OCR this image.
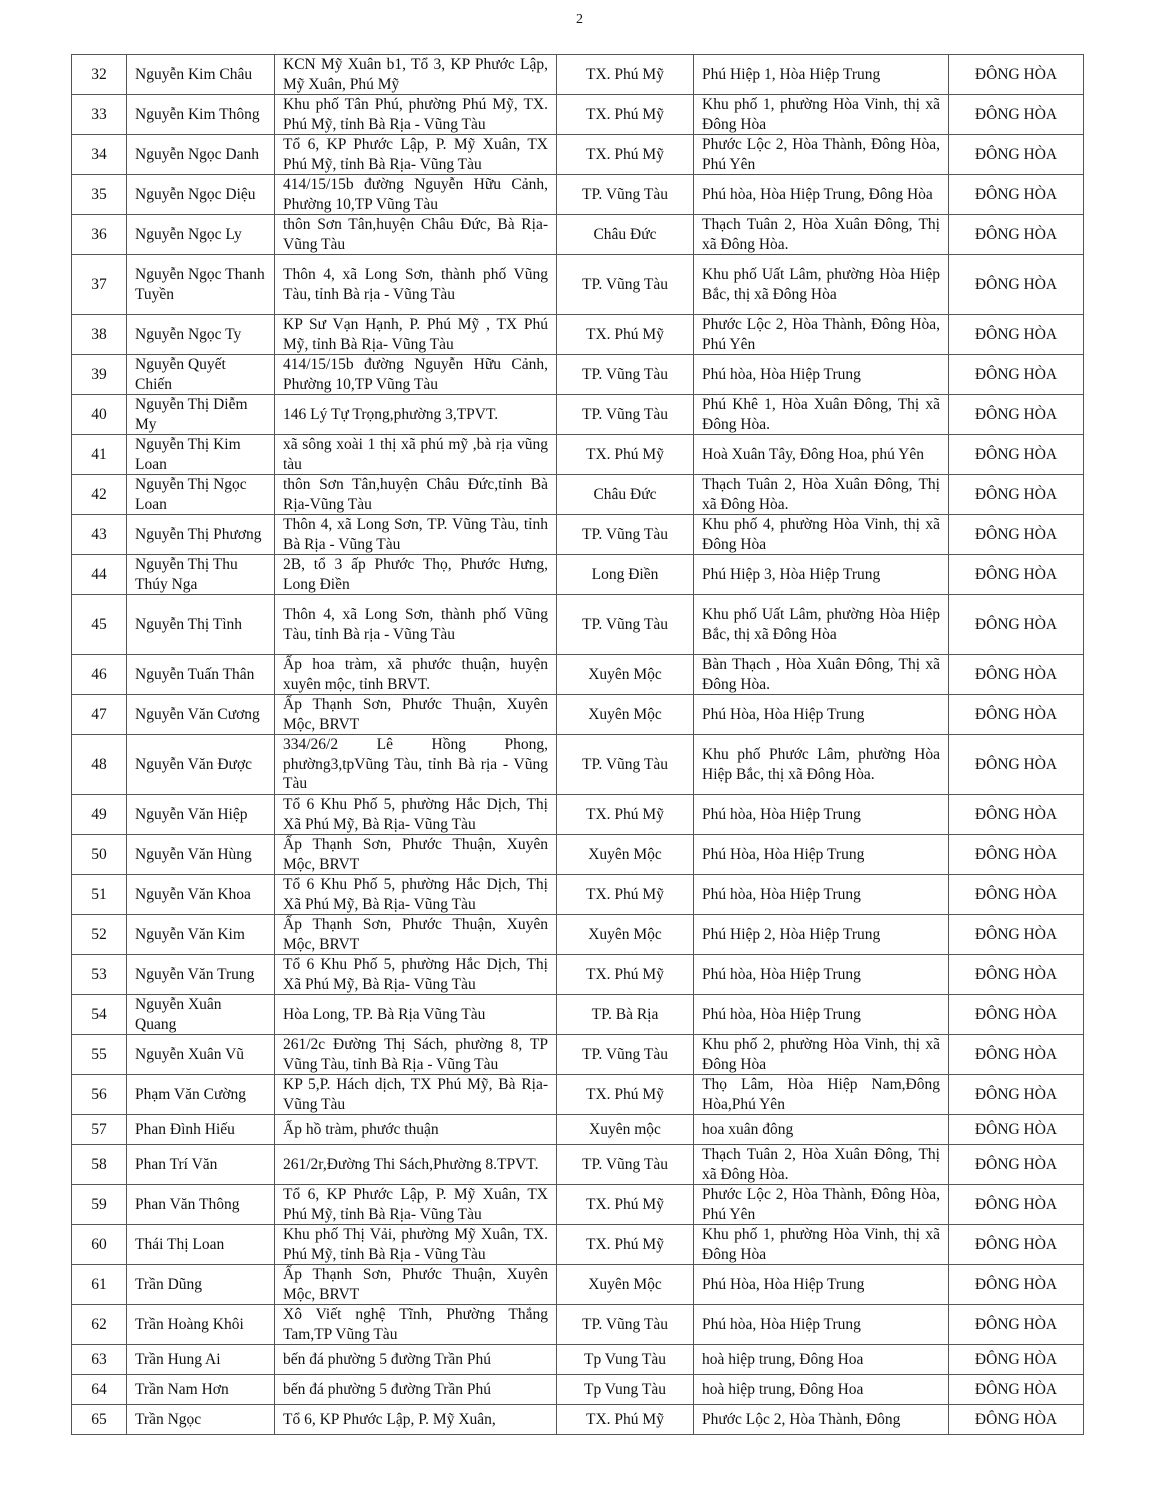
2
32	Nguyễn Kim Châu	KCN Mỹ Xuân b1, Tổ 3, KP Phước Lập, Mỹ Xuân, Phú Mỹ	TX. Phú Mỹ	Phú Hiệp 1, Hòa Hiệp Trung	ĐÔNG HÒA
33	Nguyễn Kim Thông	Khu phố Tân Phú, phường Phú Mỹ, TX. Phú Mỹ, tỉnh Bà Rịa - Vũng Tàu	TX. Phú Mỹ	Khu phố 1, phường Hòa Vinh, thị xã Đông Hòa	ĐÔNG HÒA
34	Nguyễn Ngọc Danh	Tổ 6, KP Phước Lập, P. Mỹ Xuân, TX Phú Mỹ, tỉnh Bà Rịa- Vũng Tàu	TX. Phú Mỹ	Phước Lộc 2, Hòa Thành, Đông Hòa, Phú Yên	ĐÔNG HÒA
35	Nguyễn Ngọc Diệu	414/15/15b đường Nguyễn Hữu Cảnh, Phường 10,TP Vũng Tàu	TP. Vũng Tàu	Phú hòa, Hòa Hiệp Trung, Đông Hòa	ĐÔNG HÒA
36	Nguyễn Ngọc Ly	thôn Sơn Tân,huyện Châu Đức, Bà Rịa-Vũng Tàu	Châu Đức	Thạch Tuân 2, Hòa Xuân Đông, Thị xã Đông Hòa.	ĐÔNG HÒA
37	Nguyễn Ngọc Thanh Tuyền	Thôn 4, xã Long Sơn, thành phố Vũng Tàu, tỉnh Bà rịa - Vũng Tàu	TP. Vũng Tàu	Khu phố Uất Lâm, phường Hòa Hiệp Bắc, thị xã Đông Hòa	ĐÔNG HÒA
38	Nguyễn Ngọc Ty	KP Sư Vạn Hạnh, P. Phú Mỹ , TX Phú Mỹ, tỉnh Bà Rịa- Vũng Tàu	TX. Phú Mỹ	Phước Lộc 2, Hòa Thành, Đông Hòa, Phú Yên	ĐÔNG HÒA
39	Nguyễn Quyết Chiến	414/15/15b đường Nguyễn Hữu Cảnh, Phường 10,TP Vũng Tàu	TP. Vũng Tàu	Phú hòa, Hòa Hiệp Trung	ĐÔNG HÒA
40	Nguyễn Thị Diễm My	146 Lý Tự Trọng,phường 3,TPVT.	TP. Vũng Tàu	Phú Khê 1, Hòa Xuân Đông, Thị xã Đông Hòa.	ĐÔNG HÒA
41	Nguyễn Thị Kim Loan	xã sông xoài 1 thị xã phú mỹ ,bà rịa vũng tàu	TX. Phú Mỹ	Hoà Xuân Tây, Đông Hoa, phú Yên	ĐÔNG HÒA
42	Nguyễn Thị Ngọc Loan	thôn Sơn Tân,huyện Châu Đức,tỉnh Bà Rịa-Vũng Tàu	Châu Đức	Thạch Tuân 2, Hòa Xuân Đông, Thị xã Đông Hòa.	ĐÔNG HÒA
43	Nguyễn Thị Phương	Thôn 4, xã Long Sơn, TP. Vũng Tàu, tỉnh Bà Rịa - Vũng Tàu	TP. Vũng Tàu	Khu phố 4, phường Hòa Vinh, thị xã Đông Hòa	ĐÔNG HÒA
44	Nguyễn Thị Thu Thúy Nga	2B, tổ 3 ấp Phước Thọ, Phước Hưng, Long Điền	Long Điền	Phú Hiệp 3, Hòa Hiệp Trung	ĐÔNG HÒA
45	Nguyễn Thị Tình	Thôn 4, xã Long Sơn, thành phố Vũng Tàu, tỉnh Bà rịa - Vũng Tàu	TP. Vũng Tàu	Khu phố Uất Lâm, phường Hòa Hiệp Bắc, thị xã Đông Hòa	ĐÔNG HÒA
46	Nguyễn Tuấn Thân	Ấp hoa tràm, xã phước thuận, huyện xuyên mộc, tỉnh BRVT.	Xuyên Mộc	Bàn Thạch , Hòa Xuân Đông, Thị xã Đông Hòa.	ĐÔNG HÒA
47	Nguyễn Văn Cương	Ấp Thạnh Sơn, Phước Thuận, Xuyên Mộc, BRVT	Xuyên Mộc	Phú Hòa, Hòa Hiệp Trung	ĐÔNG HÒA
48	Nguyễn Văn Được	334/26/2 Lê Hồng Phong, phường3,tpVũng Tàu, tỉnh Bà rịa - Vũng Tàu	TP. Vũng Tàu	Khu phố Phước Lâm, phường Hòa Hiệp Bắc, thị xã Đông Hòa.	ĐÔNG HÒA
49	Nguyễn Văn Hiệp	Tổ 6 Khu Phố 5, phường Hắc Dịch, Thị Xã Phú Mỹ, Bà Rịa- Vũng Tàu	TX. Phú Mỹ	Phú hòa, Hòa Hiệp Trung	ĐÔNG HÒA
50	Nguyễn Văn Hùng	Ấp Thạnh Sơn, Phước Thuận, Xuyên Mộc, BRVT	Xuyên Mộc	Phú Hòa, Hòa Hiệp Trung	ĐÔNG HÒA
51	Nguyễn Văn Khoa	Tổ 6 Khu Phố 5, phường Hắc Dịch, Thị Xã Phú Mỹ, Bà Rịa- Vũng Tàu	TX. Phú Mỹ	Phú hòa, Hòa Hiệp Trung	ĐÔNG HÒA
52	Nguyễn Văn Kim	Ấp Thạnh Sơn, Phước Thuận, Xuyên Mộc, BRVT	Xuyên Mộc	Phú Hiệp 2, Hòa Hiệp Trung	ĐÔNG HÒA
53	Nguyễn Văn Trung	Tổ 6 Khu Phố 5, phường Hắc Dịch, Thị Xã Phú Mỹ, Bà Rịa- Vũng Tàu	TX. Phú Mỹ	Phú hòa, Hòa Hiệp Trung	ĐÔNG HÒA
54	Nguyễn Xuân Quang	Hòa Long, TP. Bà Rịa Vũng Tàu	TP. Bà Rịa	Phú hòa, Hòa Hiệp Trung	ĐÔNG HÒA
55	Nguyễn Xuân Vũ	261/2c Đường Thị Sách, phường 8, TP Vũng Tàu, tỉnh Bà Rịa - Vũng Tàu	TP. Vũng Tàu	Khu phố 2, phường Hòa Vinh, thị xã Đông Hòa	ĐÔNG HÒA
56	Phạm Văn Cường	KP 5,P. Hách dịch, TX Phú Mỹ, Bà Rịa-Vũng Tàu	TX. Phú Mỹ	Thọ Lâm, Hòa Hiệp Nam,Đông Hòa,Phú Yên	ĐÔNG HÒA
57	Phan Đình Hiếu	Ấp hồ tràm, phước thuận	Xuyên mộc	hoa xuân đông	ĐÔNG HÒA
58	Phan Trí Văn	261/2r,Đường Thi Sách,Phường 8.TPVT.	TP. Vũng Tàu	Thạch Tuân 2, Hòa Xuân Đông, Thị xã Đông Hòa.	ĐÔNG HÒA
59	Phan Văn Thông	Tổ 6, KP Phước Lập, P. Mỹ Xuân, TX Phú Mỹ, tỉnh Bà Rịa- Vũng Tàu	TX. Phú Mỹ	Phước Lộc 2, Hòa Thành, Đông Hòa, Phú Yên	ĐÔNG HÒA
60	Thái Thị Loan	Khu phố Thị Vải, phường Mỹ Xuân, TX. Phú Mỹ, tỉnh Bà Rịa - Vũng Tàu	TX. Phú Mỹ	Khu phố 1, phường Hòa Vinh, thị xã Đông Hòa	ĐÔNG HÒA
61	Trần Dũng	Ấp Thạnh Sơn, Phước Thuận, Xuyên Mộc, BRVT	Xuyên Mộc	Phú Hòa, Hòa Hiệp Trung	ĐÔNG HÒA
62	Trần Hoàng Khôi	Xô Viết nghệ Tĩnh, Phường Thắng Tam,TP Vũng Tàu	TP. Vũng Tàu	Phú hòa, Hòa Hiệp Trung	ĐÔNG HÒA
63	Trần Hung Ai	bến đá phường 5 đường Trần Phú	Tp Vung Tàu	hoà hiệp trung, Đông Hoa	ĐÔNG HÒA
64	Trần Nam Hơn	bến đá phường 5 đường Trần Phú	Tp Vung Tàu	hoà hiệp trung, Đông Hoa	ĐÔNG HÒA
65	Trần Ngọc	Tổ 6, KP Phước Lập, P. Mỹ Xuân,	TX. Phú Mỹ	Phước Lộc 2, Hòa Thành, Đông	ĐÔNG HÒA
